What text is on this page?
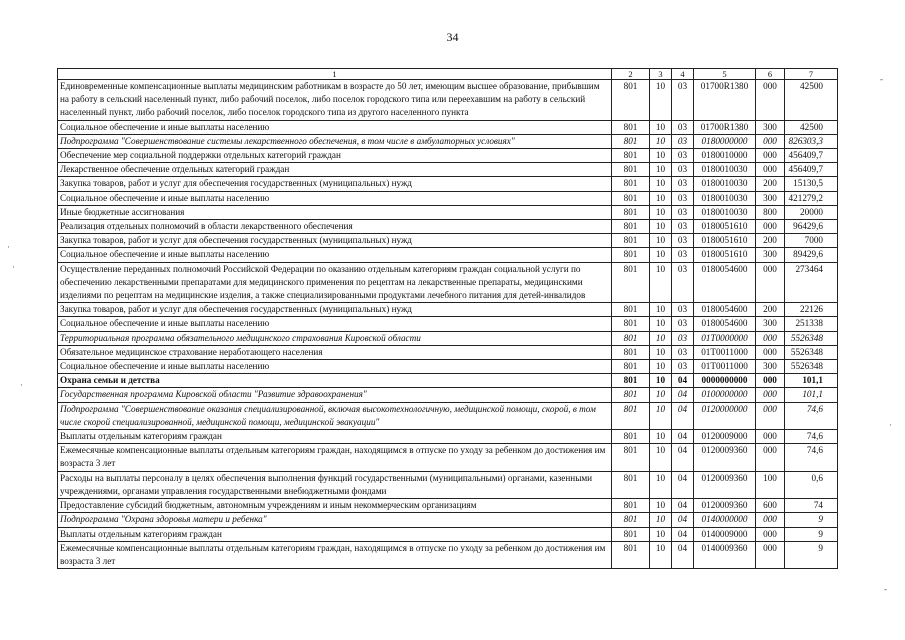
34
1	2	3	4	5	6	7
Единовременные компенсационные выплаты медицинским работникам в возрасте до 50 лет, имеющим высшее образование, прибывшим на работу в сельский населенный пункт, либо рабочий поселок, либо поселок городского типа или переехавшим на работу в сельский населенный пункт, либо рабочий поселок, либо поселок городского типа из другого населенного пункта	801	10	03	01700R1380	000	42500
Социальное обеспечение и иные выплаты населению	801	10	03	01700R1380	300	42500
Подпрограмма "Совершенствование системы лекарственного обеспечения, в том числе в амбулаторных условиях"	801	10	03	0180000000	000	826303,3
Обеспечение мер социальной поддержки отдельных категорий граждан	801	10	03	0180010000	000	456409,7
Лекарственное обеспечение отдельных категорий граждан	801	10	03	0180010030	000	456409,7
Закупка товаров, работ и услуг для обеспечения государственных (муниципальных) нужд	801	10	03	0180010030	200	15130,5
Социальное обеспечение и иные выплаты населению	801	10	03	0180010030	300	421279,2
Иные бюджетные ассигнования	801	10	03	0180010030	800	20000
Реализация отдельных полномочий в области лекарственного обеспечения	801	10	03	0180051610	000	96429,6
Закупка товаров, работ и услуг для обеспечения государственных (муниципальных) нужд	801	10	03	0180051610	200	7000
Социальное обеспечение и иные выплаты населению	801	10	03	0180051610	300	89429,6
Осуществление переданных полномочий Российской Федерации по оказанию отдельным категориям граждан социальной услуги по обеспечению лекарственными препаратами для медицинского применения по рецептам на лекарственные препараты, медицинскими изделиями по рецептам на медицинские изделия, а также специализированными продуктами лечебного питания для детей-инвалидов	801	10	03	0180054600	000	273464
Закупка товаров, работ и услуг для обеспечения государственных (муниципальных) нужд	801	10	03	0180054600	200	22126
Социальное обеспечение и иные выплаты населению	801	10	03	0180054600	300	251338
Территориальная программа обязательного медицинского страхования Кировской области	801	10	03	01T0000000	000	5526348
Обязательное медицинское страхование неработающего населения	801	10	03	01T0011000	000	5526348
Социальное обеспечение и иные выплаты населению	801	10	03	01T0011000	300	5526348
Охрана семьи и детства	801	10	04	0000000000	000	101,1
Государственная программа Кировской области "Развитие здравоохранения"	801	10	04	0100000000	000	101,1
Подпрограмма "Совершенствование оказания специализированной, включая высокотехнологичную, медицинской помощи, скорой, в том числе скорой специализированной, медицинской помощи, медицинской эвакуации"	801	10	04	0120000000	000	74,6
Выплаты отдельным категориям граждан	801	10	04	0120009000	000	74,6
Ежемесячные компенсационные выплаты отдельным категориям граждан, находящимся в отпуске по уходу за ребенком до достижения им возраста 3 лет	801	10	04	0120009360	000	74,6
Расходы на выплаты персоналу в целях обеспечения выполнения функций государственными (муниципальными) органами, казенными учреждениями, органами управления государственными внебюджетными фондами	801	10	04	0120009360	100	0,6
Предоставление субсидий бюджетным, автономным учреждениям и иным некоммерческим организациям	801	10	04	0120009360	600	74
Подпрограмма "Охрана здоровья матери и ребенка"	801	10	04	0140000000	000	9
Выплаты отдельным категориям граждан	801	10	04	0140009000	000	9
Ежемесячные компенсационные выплаты отдельным категориям граждан, находящимся в отпуске по уходу за ребенком до достижения им возраста 3 лет	801	10	04	0140009360	000	9
·
·
·
-
·
-
